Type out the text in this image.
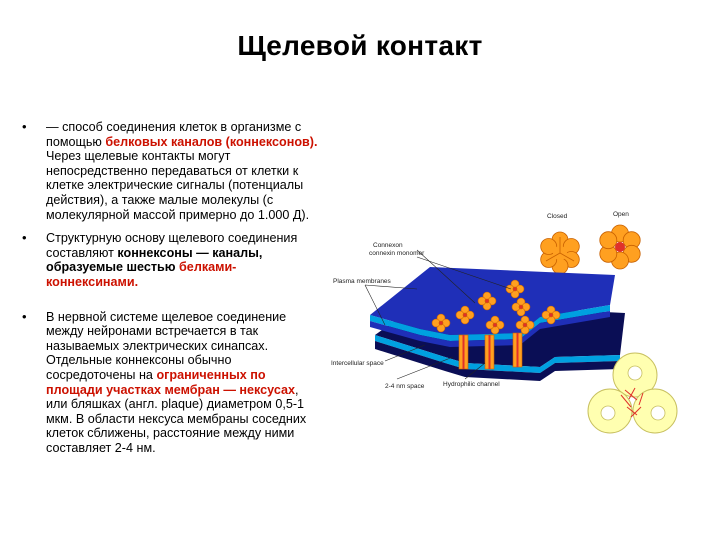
Щелевой контакт
• — способ соединения клеток в организме с помощью белковых каналов (коннексонов). Через щелевые контакты могут непосредственно передаваться от клетки к клетке электрические сигналы (потенциалы действия), а также малые молекулы (с молекулярной массой примерно до 1.000 Д).
• Структурную основу щелевого соединения составляют коннексоны — каналы, образуемые шестью белками-коннексинами.
• В нервной системе щелевое соединение между нейронами встречается в так называемых электрических синапсах. Отдельные коннексоны обычно сосредоточены на ограниченных по площади участках мембран — нексусах, или бляшках (англ. plaque) диаметром 0,5-1 мкм. В области нексуса мембраны соседних клеток сближены, расстояние между ними составляет 2-4 нм.
Closed	Open
Connexon
connexin monomer
Plasma membranes
Intercellular space
2-4 nm space	Hydrophilic channel
